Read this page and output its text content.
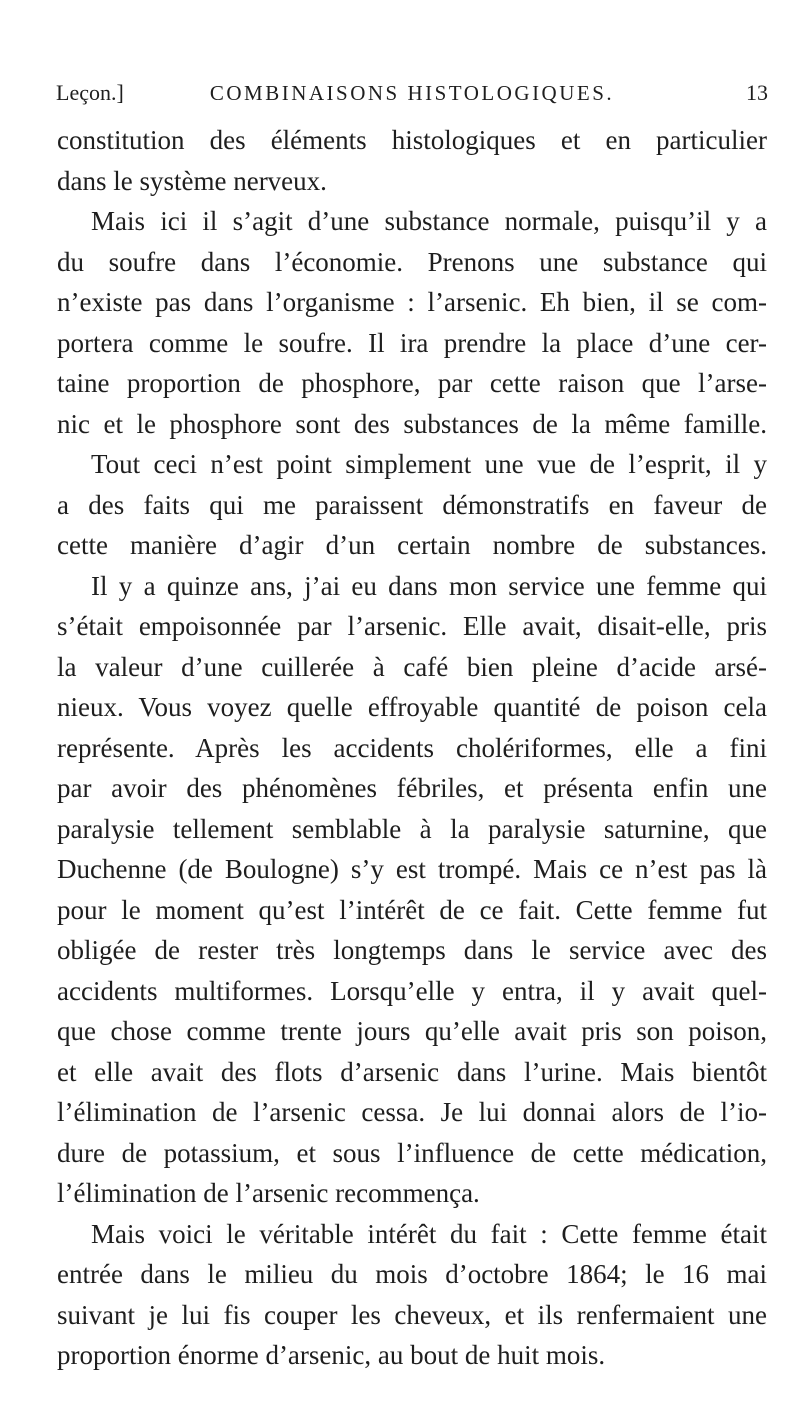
Leçon.]	COMBINAISONS HISTOLOGIQUES.	13
constitution des éléments histologiques et en particulier
dans le système nerveux.
Mais ici il s’agit d’une substance normale, puisqu’il y a
du soufre dans l’économie. Prenons une substance qui
n’existe pas dans l’organisme : l’arsenic. Eh bien, il se com-
portera comme le soufre. Il ira prendre la place d’une cer-
taine proportion de phosphore, par cette raison que l’arse-
nic et le phosphore sont des substances de la même famille.
Tout ceci n’est point simplement une vue de l’esprit, il y
a des faits qui me paraissent démonstratifs en faveur de
cette manière d’agir d’un certain nombre de substances.
Il y a quinze ans, j’ai eu dans mon service une femme qui
s’était empoisonnée par l’arsenic. Elle avait, disait-elle, pris
la valeur d’une cuillerée à café bien pleine d’acide arsé-
nieux. Vous voyez quelle effroyable quantité de poison cela
représente. Après les accidents cholériformes, elle a fini
par avoir des phénomènes fébriles, et présenta enfin une
paralysie tellement semblable à la paralysie saturnine, que
Duchenne (de Boulogne) s’y est trompé. Mais ce n’est pas là
pour le moment qu’est l’intérêt de ce fait. Cette femme fut
obligée de rester très longtemps dans le service avec des
accidents multiformes. Lorsqu’elle y entra, il y avait quel-
que chose comme trente jours qu’elle avait pris son poison,
et elle avait des flots d’arsenic dans l’urine. Mais bientôt
l’élimination de l’arsenic cessa. Je lui donnai alors de l’io-
dure de potassium, et sous l’influence de cette médication,
l’élimination de l’arsenic recommença.
Mais voici le véritable intérêt du fait : Cette femme était
entrée dans le milieu du mois d’octobre 1864; le 16 mai
suivant je lui fis couper les cheveux, et ils renfermaient une
proportion énorme d’arsenic, au bout de huit mois.
